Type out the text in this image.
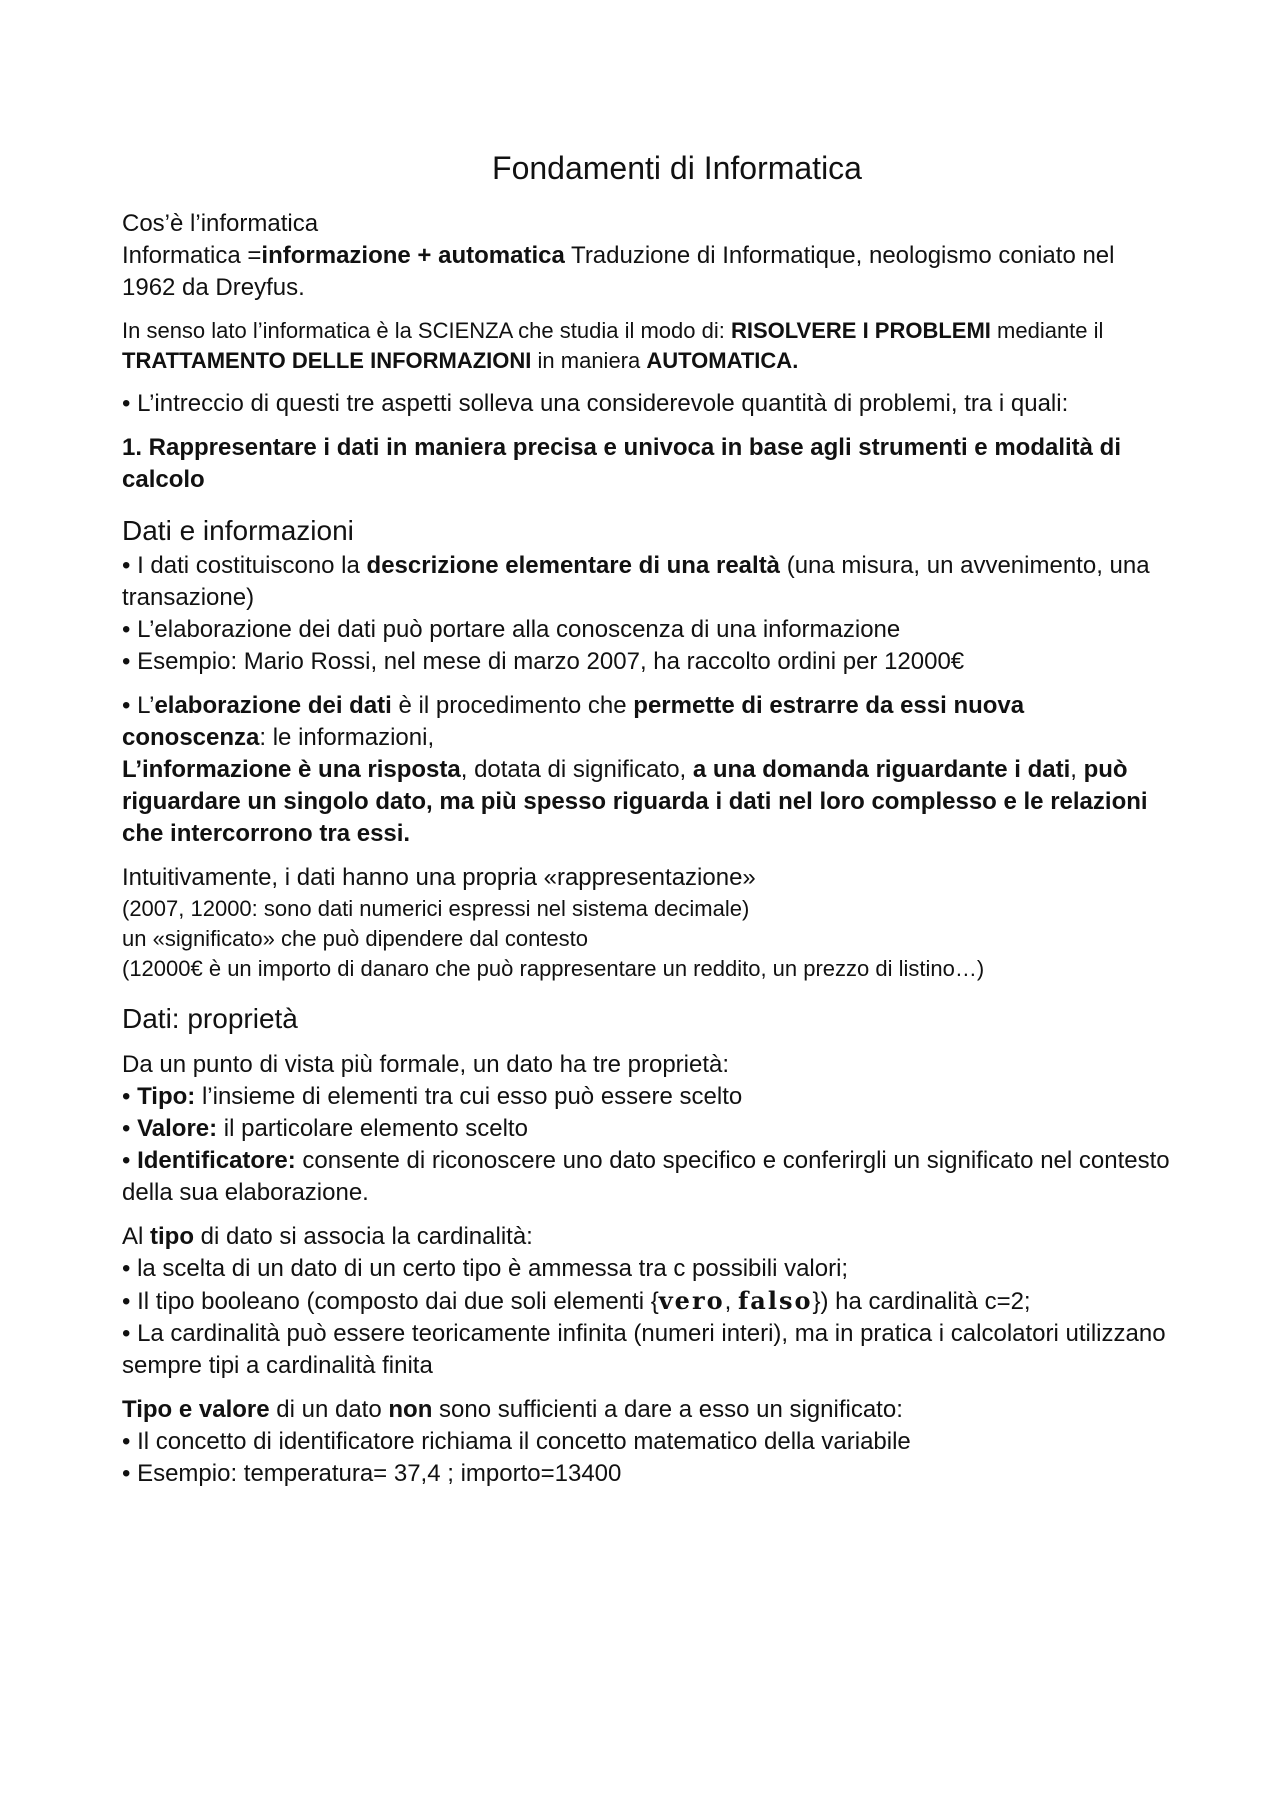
Fondamenti di Informatica
Cos’è l’informatica
Informatica =informazione + automatica Traduzione di Informatique, neologismo coniato nel 1962 da Dreyfus.
In senso lato l’informatica è la SCIENZA che studia il modo di: RISOLVERE I PROBLEMI mediante il TRATTAMENTO DELLE INFORMAZIONI in maniera AUTOMATICA.
• L’intreccio di questi tre aspetti solleva una considerevole quantità di problemi, tra i quali:
1. Rappresentare i dati in maniera precisa e univoca in base agli strumenti e modalità di calcolo
Dati e informazioni
• I dati costituiscono la descrizione elementare di una realtà (una misura, un avvenimento, una transazione)
• L’elaborazione dei dati può portare alla conoscenza di una informazione
• Esempio: Mario Rossi, nel mese di marzo 2007, ha raccolto ordini per 12000€
• L’elaborazione dei dati è il procedimento che permette di estrarre da essi nuova conoscenza: le informazioni,
L’informazione è una risposta, dotata di significato, a una domanda riguardante i dati, può riguardare un singolo dato, ma più spesso riguarda i dati nel loro complesso e le relazioni che intercorrono tra essi.
Intuitivamente, i dati hanno una propria «rappresentazione»
(2007, 12000: sono dati numerici espressi nel sistema decimale)
un «significato» che può dipendere dal contesto
(12000€ è un importo di danaro che può rappresentare un reddito, un prezzo di listino…)
Dati: proprietà
Da un punto di vista più formale, un dato ha tre proprietà:
• Tipo: l’insieme di elementi tra cui esso può essere scelto
• Valore: il particolare elemento scelto
• Identificatore: consente di riconoscere uno dato specifico e conferirgli un significato nel contesto della sua elaborazione.
Al tipo di dato si associa la cardinalità:
• la scelta di un dato di un certo tipo è ammessa tra c possibili valori;
• Il tipo booleano (composto dai due soli elementi {vero, falso}) ha cardinalità c=2;
• La cardinalità può essere teoricamente infinita (numeri interi), ma in pratica i calcolatori utilizzano sempre tipi a cardinalità finita
Tipo e valore di un dato non sono sufficienti a dare a esso un significato:
• Il concetto di identificatore richiama il concetto matematico della variabile
• Esempio: temperatura= 37,4 ; importo=13400
